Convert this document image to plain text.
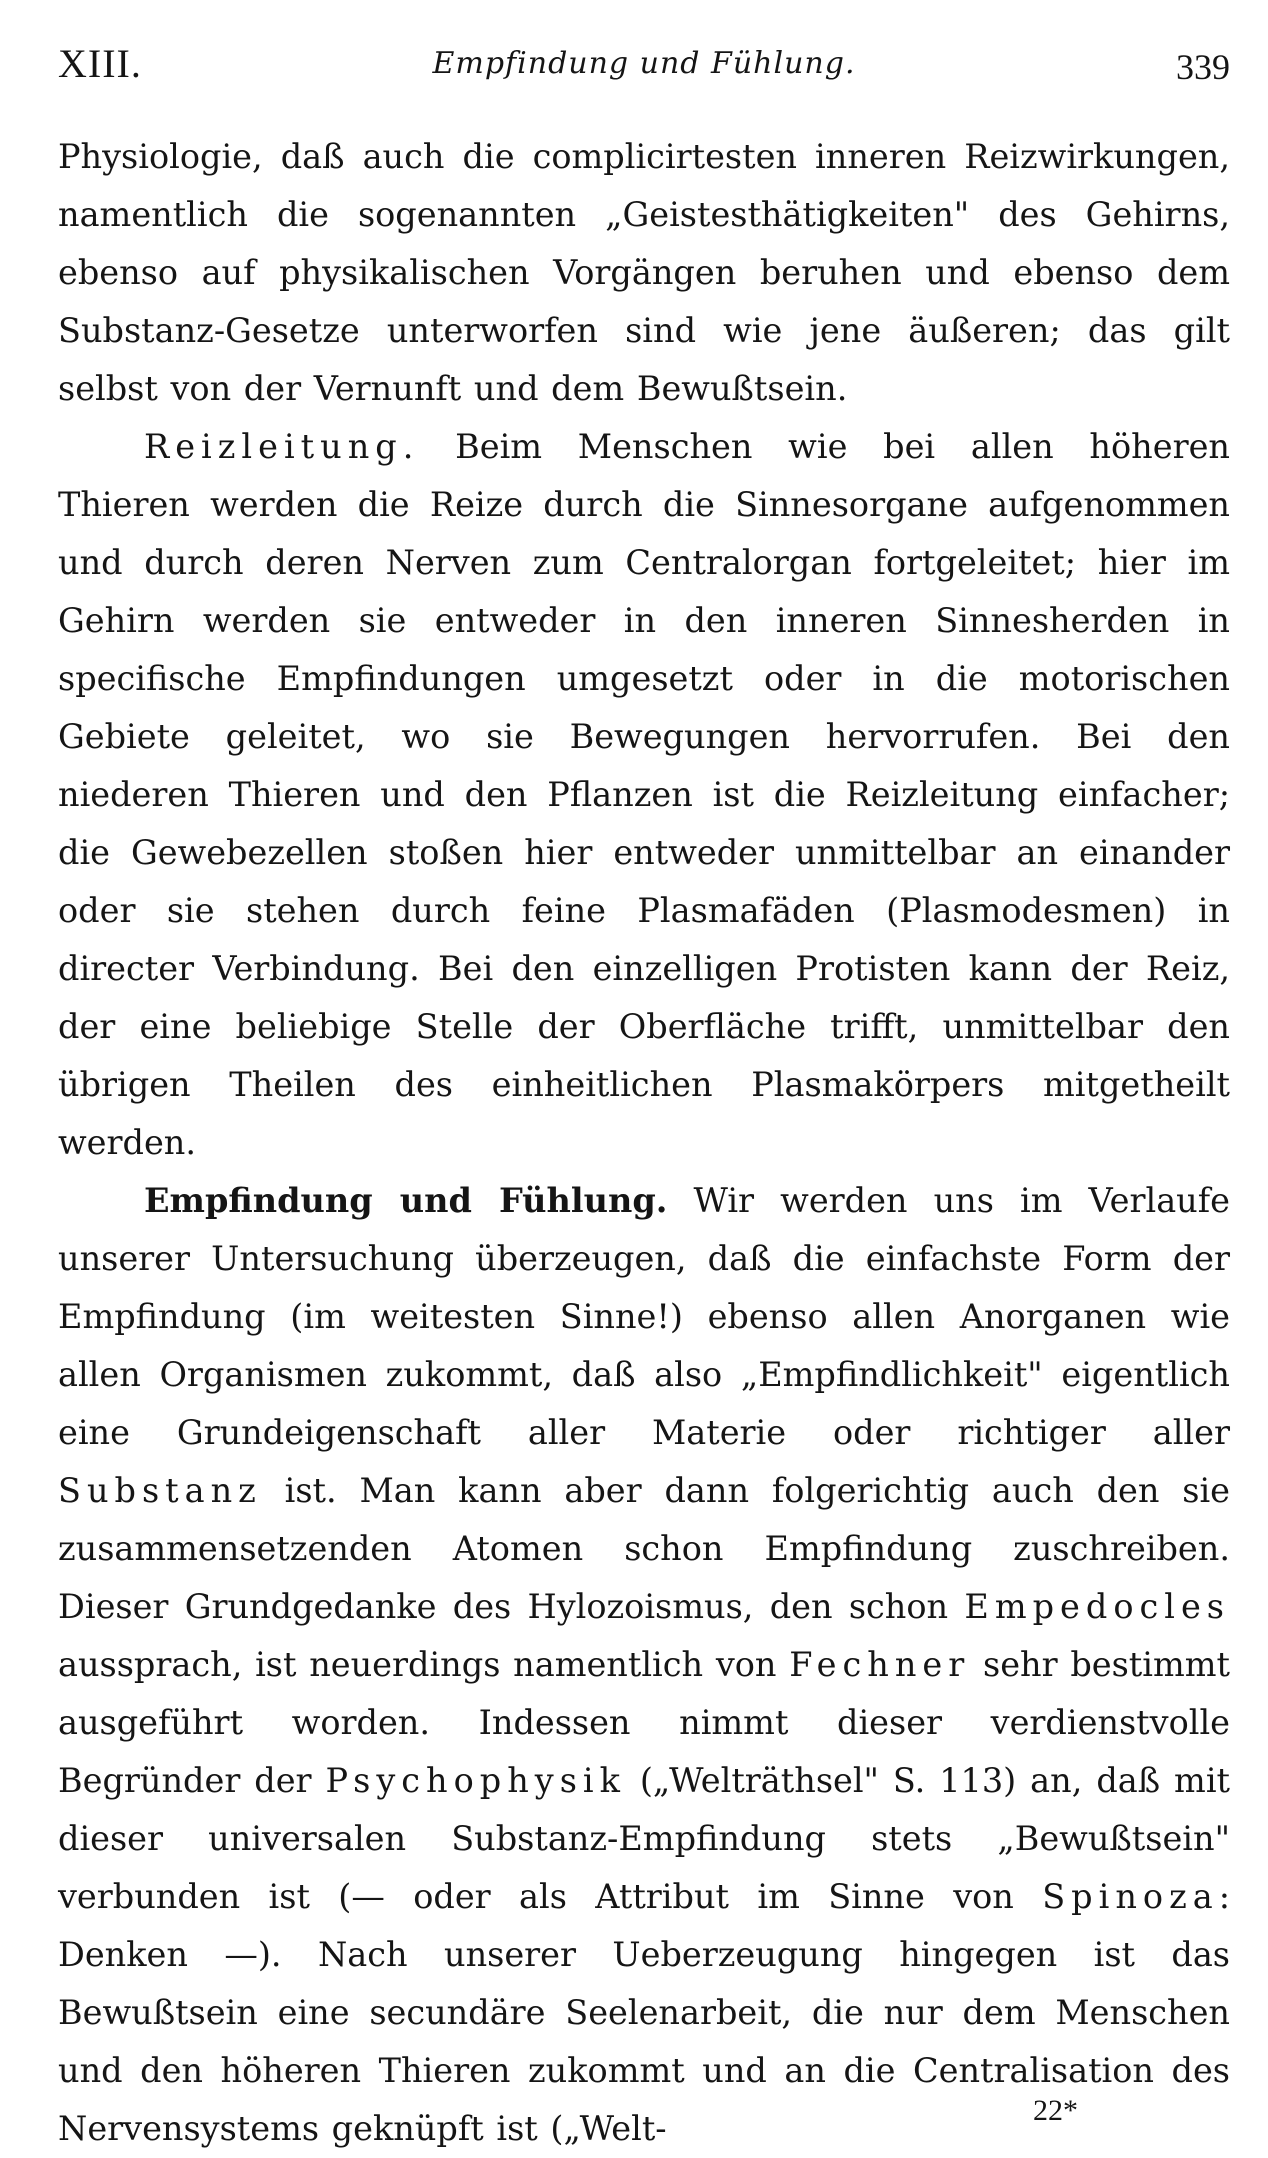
XIII.	Empfindung und Fühlung.	339

Physiologie, daß auch die complicirtesten inneren Reizwirkungen, namentlich die sogenannten „Geistesthätigkeiten" des Gehirns, ebenso auf physikalischen Vorgängen beruhen und ebenso dem Substanz-Gesetze unterworfen sind wie jene äußeren; das gilt selbst von der Vernunft und dem Bewußtsein.

Reizleitung. Beim Menschen wie bei allen höheren Thieren werden die Reize durch die Sinnesorgane aufgenommen und durch deren Nerven zum Centralorgan fortgeleitet; hier im Gehirn werden sie entweder in den inneren Sinnesherden in specifische Empfindungen umgesetzt oder in die motorischen Gebiete geleitet, wo sie Bewegungen hervorrufen. Bei den niederen Thieren und den Pflanzen ist die Reizleitung einfacher; die Gewebezellen stoßen hier entweder unmittelbar an einander oder sie stehen durch feine Plasmafäden (Plasmodesmen) in directer Verbindung. Bei den einzelligen Protisten kann der Reiz, der eine beliebige Stelle der Oberfläche trifft, unmittelbar den übrigen Theilen des einheitlichen Plasmakörpers mitgetheilt werden.

Empfindung und Fühlung. Wir werden uns im Verlaufe unserer Untersuchung überzeugen, daß die einfachste Form der Empfindung (im weitesten Sinne!) ebenso allen Anorganen wie allen Organismen zukommt, daß also „Empfindlichkeit" eigentlich eine Grundeigenschaft aller Materie oder richtiger aller Substanz ist. Man kann aber dann folgerichtig auch den sie zusammensetzenden Atomen schon Empfindung zuschreiben. Dieser Grundgedanke des Hylozoismus, den schon Empedocles aussprach, ist neuerdings namentlich von Fechner sehr bestimmt ausgeführt worden. Indessen nimmt dieser verdienstvolle Begründer der Psychophysik („Welträthsel" S. 113) an, daß mit dieser universalen Substanz-Empfindung stets „Bewußtsein" verbunden ist (— oder als Attribut im Sinne von Spinoza: Denken —). Nach unserer Ueberzeugung hingegen ist das Bewußtsein eine secundäre Seelenarbeit, die nur dem Menschen und den höheren Thieren zukommt und an die Centralisation des Nervensystems geknüpft ist („Welt-	22*
